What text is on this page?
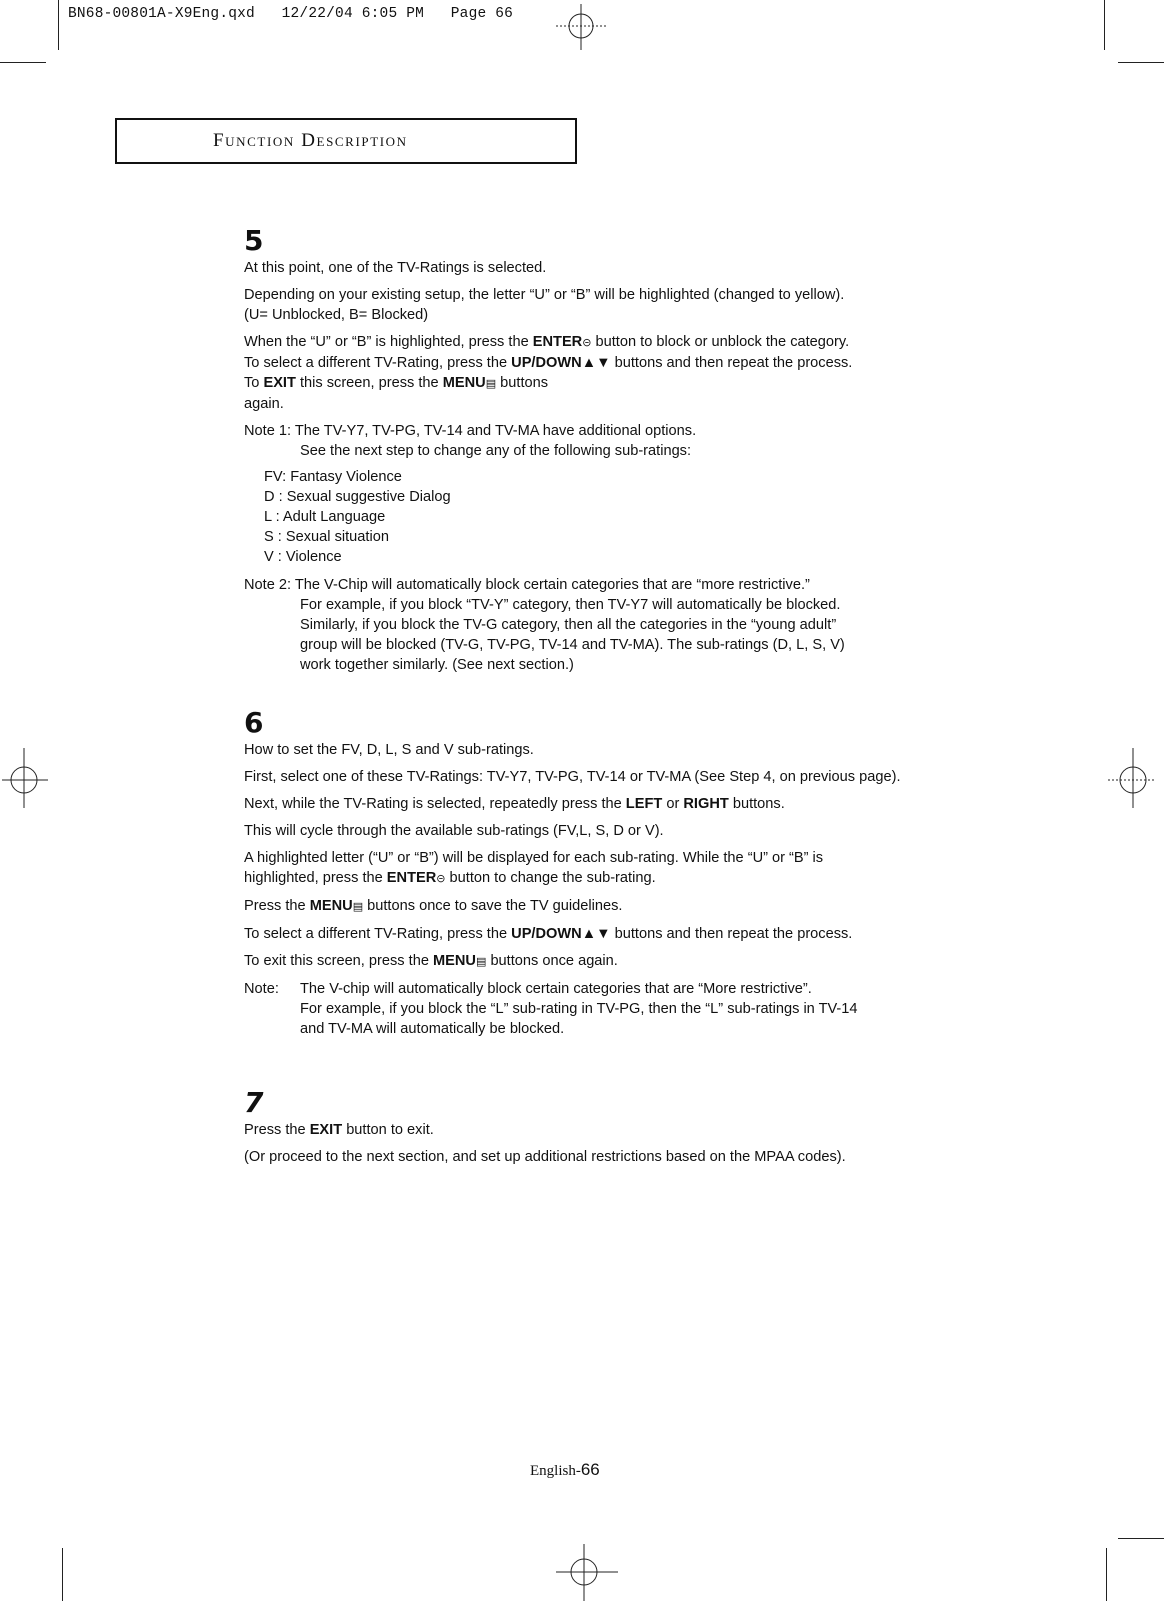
BN68-00801A-X9Eng.qxd   12/22/04 6:05 PM   Page 66
Function Description
5
At this point, one of the TV-Ratings is selected.
Depending on your existing setup, the letter “U” or “B” will be highlighted (changed to yellow).
(U= Unblocked, B= Blocked)
When the “U” or “B” is highlighted, press the ENTER⊝ button to block or unblock the category.
To select a different TV-Rating, press the UP/DOWN▲▼ buttons and then repeat the process.
To EXIT this screen, press the MENU▤ buttons
again.
Note 1: The TV-Y7, TV-PG, TV-14 and TV-MA have additional options.
See the next step to change any of the following sub-ratings:
FV: Fantasy Violence
D : Sexual suggestive Dialog
L : Adult Language
S : Sexual situation
V : Violence
Note 2: The V-Chip will automatically block certain categories that are “more restrictive.”
For example, if you block “TV-Y” category, then TV-Y7 will automatically be blocked.
Similarly, if you block the TV-G category, then all the categories in the “young adult”
group will be blocked (TV-G, TV-PG, TV-14 and TV-MA). The sub-ratings (D, L, S, V)
work together similarly. (See next section.)
6
How to set the FV, D, L, S and V sub-ratings.
First, select one of these TV-Ratings: TV-Y7, TV-PG, TV-14 or TV-MA (See Step 4, on previous page).
Next, while the TV-Rating is selected, repeatedly press the LEFT or RIGHT buttons.
This will cycle through the available sub-ratings (FV,L, S, D or V).
A highlighted letter (“U” or “B”) will be displayed for each sub-rating. While the “U” or “B” is
highlighted, press the ENTER⊝ button to change the sub-rating.
Press the MENU▤ buttons once to save the TV guidelines.
To select a different TV-Rating, press the UP/DOWN▲▼ buttons and then repeat the process.
To exit this screen, press the MENU▤ buttons once again.
Note: The V-chip will automatically block certain categories that are “More restrictive”.
For example, if you block the “L” sub-rating in TV-PG, then the “L” sub-ratings in TV-14
and TV-MA will automatically be blocked.
7
Press the EXIT button to exit.
(Or proceed to the next section, and set up additional restrictions based on the MPAA codes).
English-66
